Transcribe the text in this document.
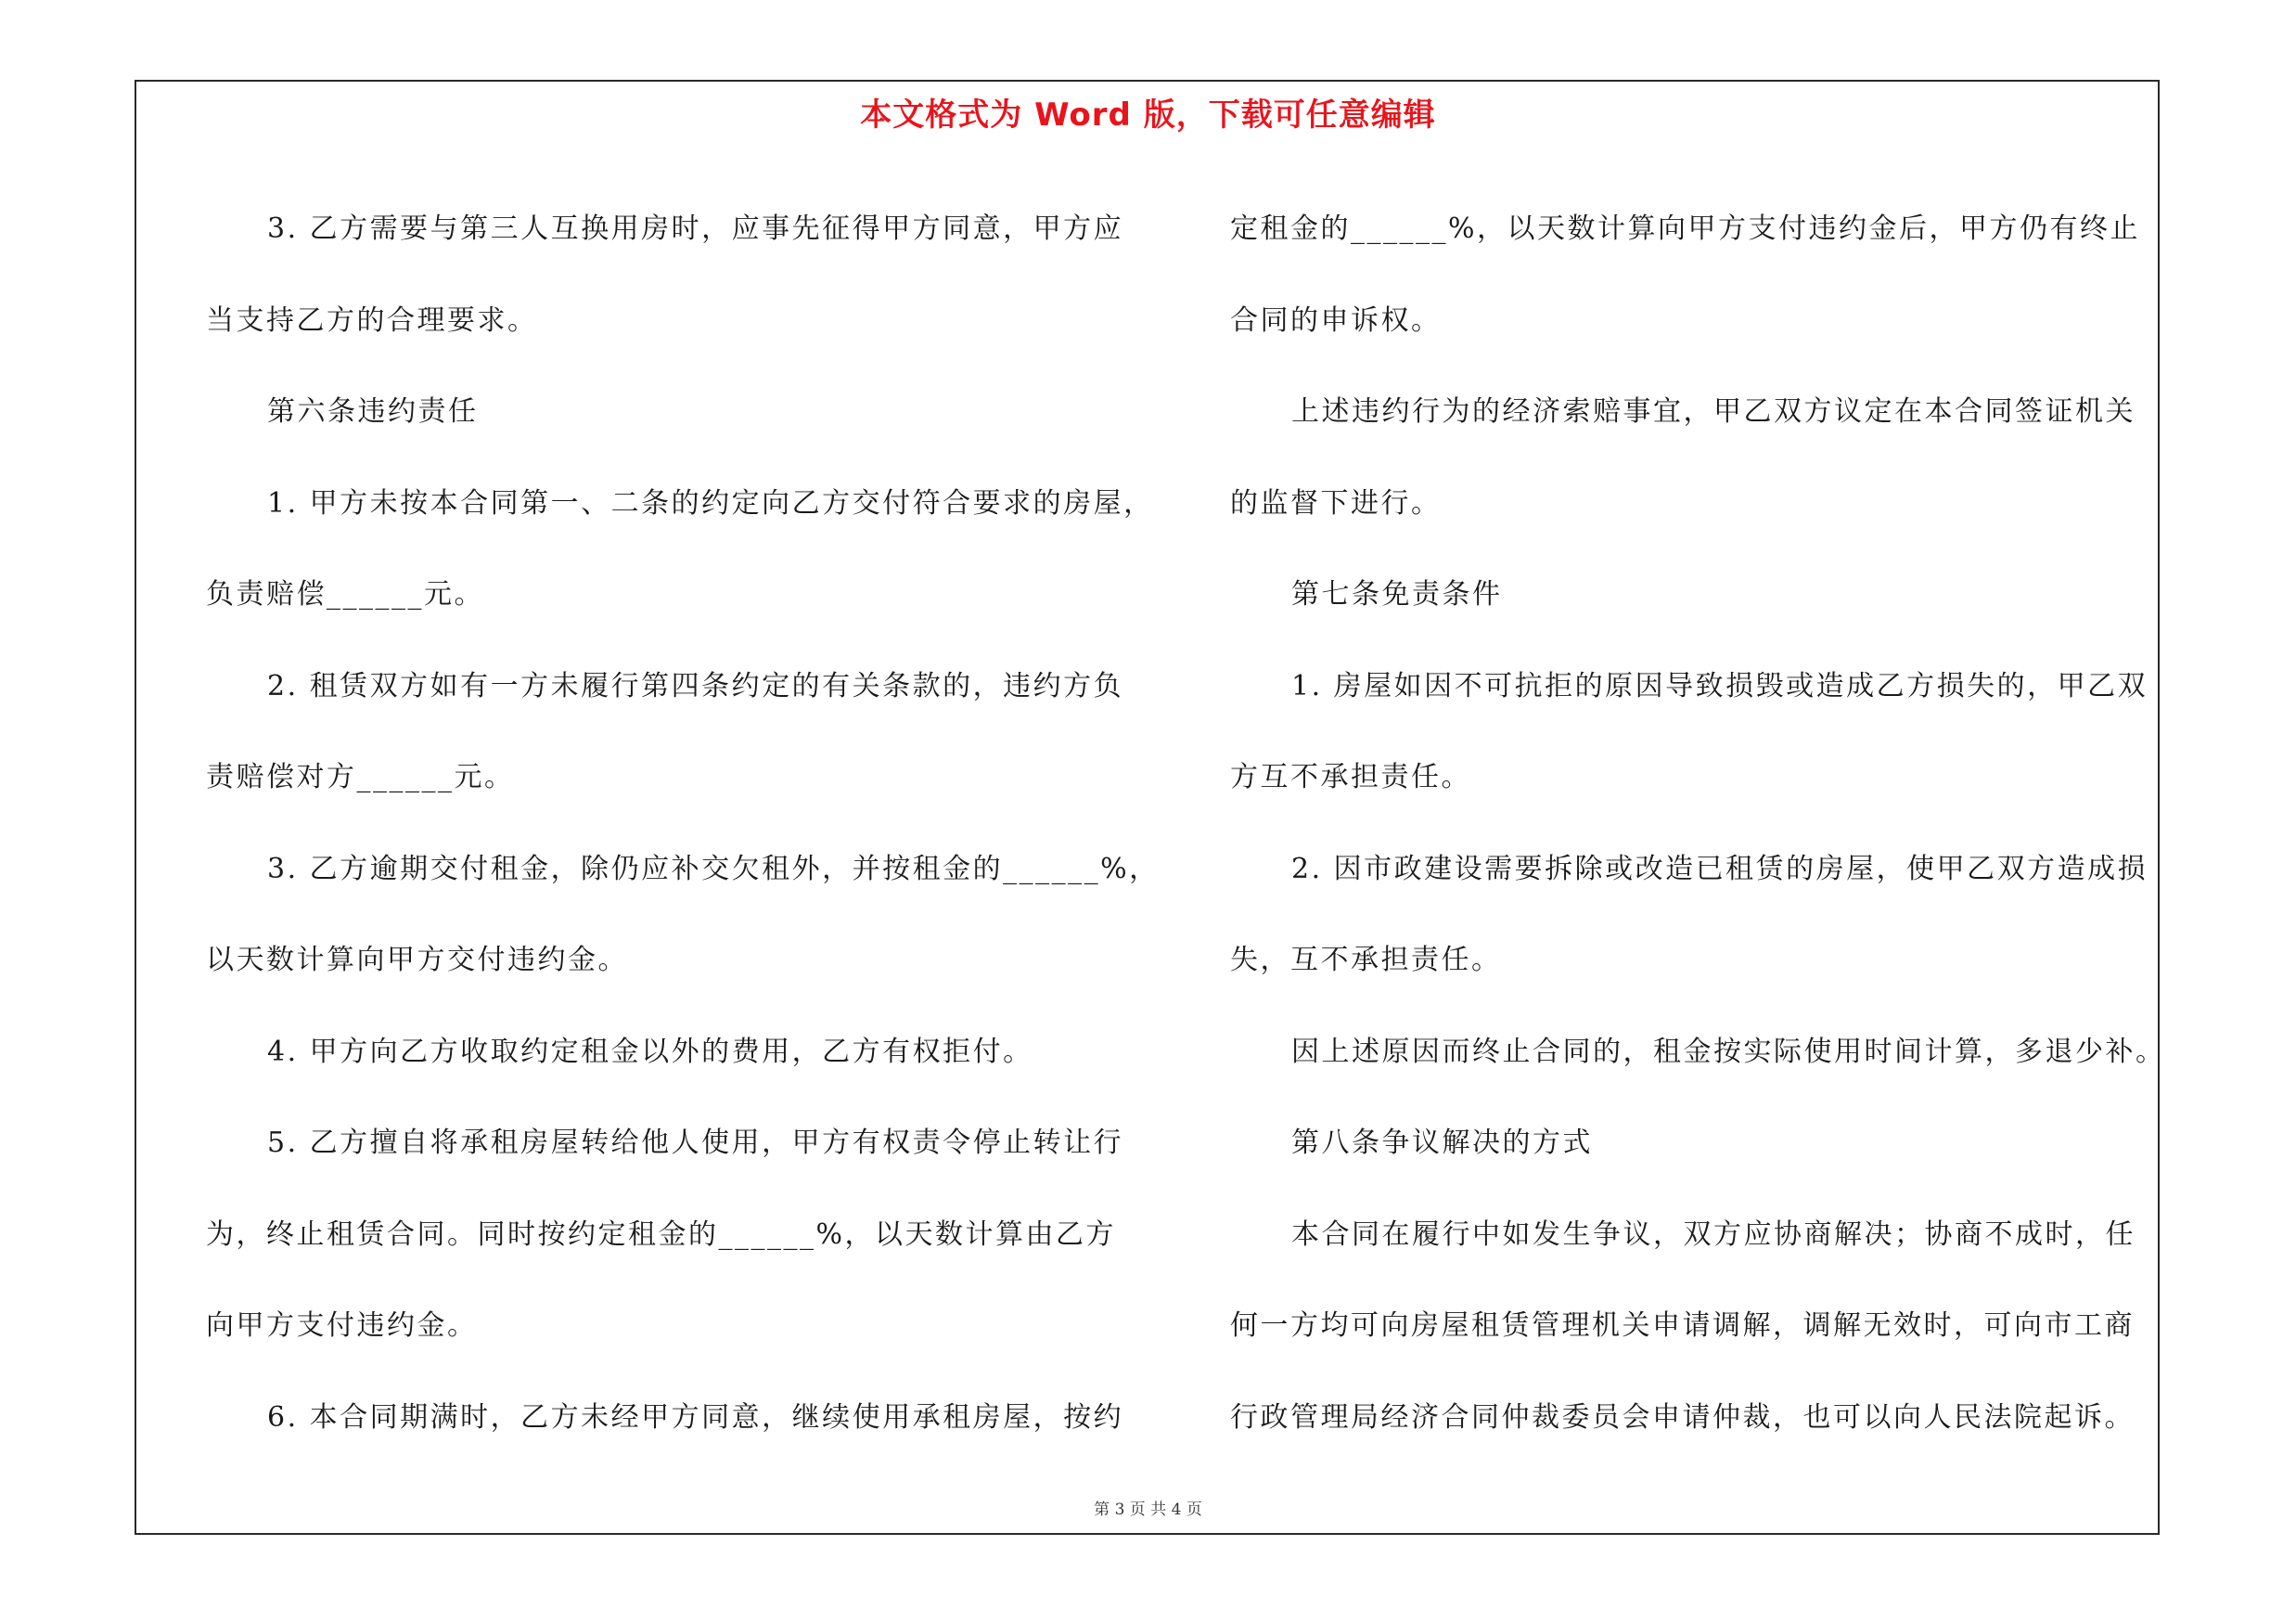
本文格式为 Word 版，下载可任意编辑

3. 乙方需要与第三人互换用房时，应事先征得甲方同意，甲方应

当支持乙方的合理要求。

第六条违约责任

1. 甲方未按本合同第一、二条的约定向乙方交付符合要求的房屋，

负责赔偿______元。

2. 租赁双方如有一方未履行第四条约定的有关条款的，违约方负

责赔偿对方______元。

3. 乙方逾期交付租金，除仍应补交欠租外，并按租金的______%，

以天数计算向甲方交付违约金。

4. 甲方向乙方收取约定租金以外的费用，乙方有权拒付。

5. 乙方擅自将承租房屋转给他人使用，甲方有权责令停止转让行

为，终止租赁合同。同时按约定租金的______%，以天数计算由乙方

向甲方支付违约金。

6. 本合同期满时，乙方未经甲方同意，继续使用承租房屋，按约

定租金的______%，以天数计算向甲方支付违约金后，甲方仍有终止

合同的申诉权。

上述违约行为的经济索赔事宜，甲乙双方议定在本合同签证机关

的监督下进行。

第七条免责条件

1. 房屋如因不可抗拒的原因导致损毁或造成乙方损失的，甲乙双

方互不承担责任。

2. 因市政建设需要拆除或改造已租赁的房屋，使甲乙双方造成损

失，互不承担责任。

因上述原因而终止合同的，租金按实际使用时间计算，多退少补。

第八条争议解决的方式

本合同在履行中如发生争议，双方应协商解决；协商不成时，任

何一方均可向房屋租赁管理机关申请调解，调解无效时，可向市工商

行政管理局经济合同仲裁委员会申请仲裁，也可以向人民法院起诉。

第 3 页 共 4 页
